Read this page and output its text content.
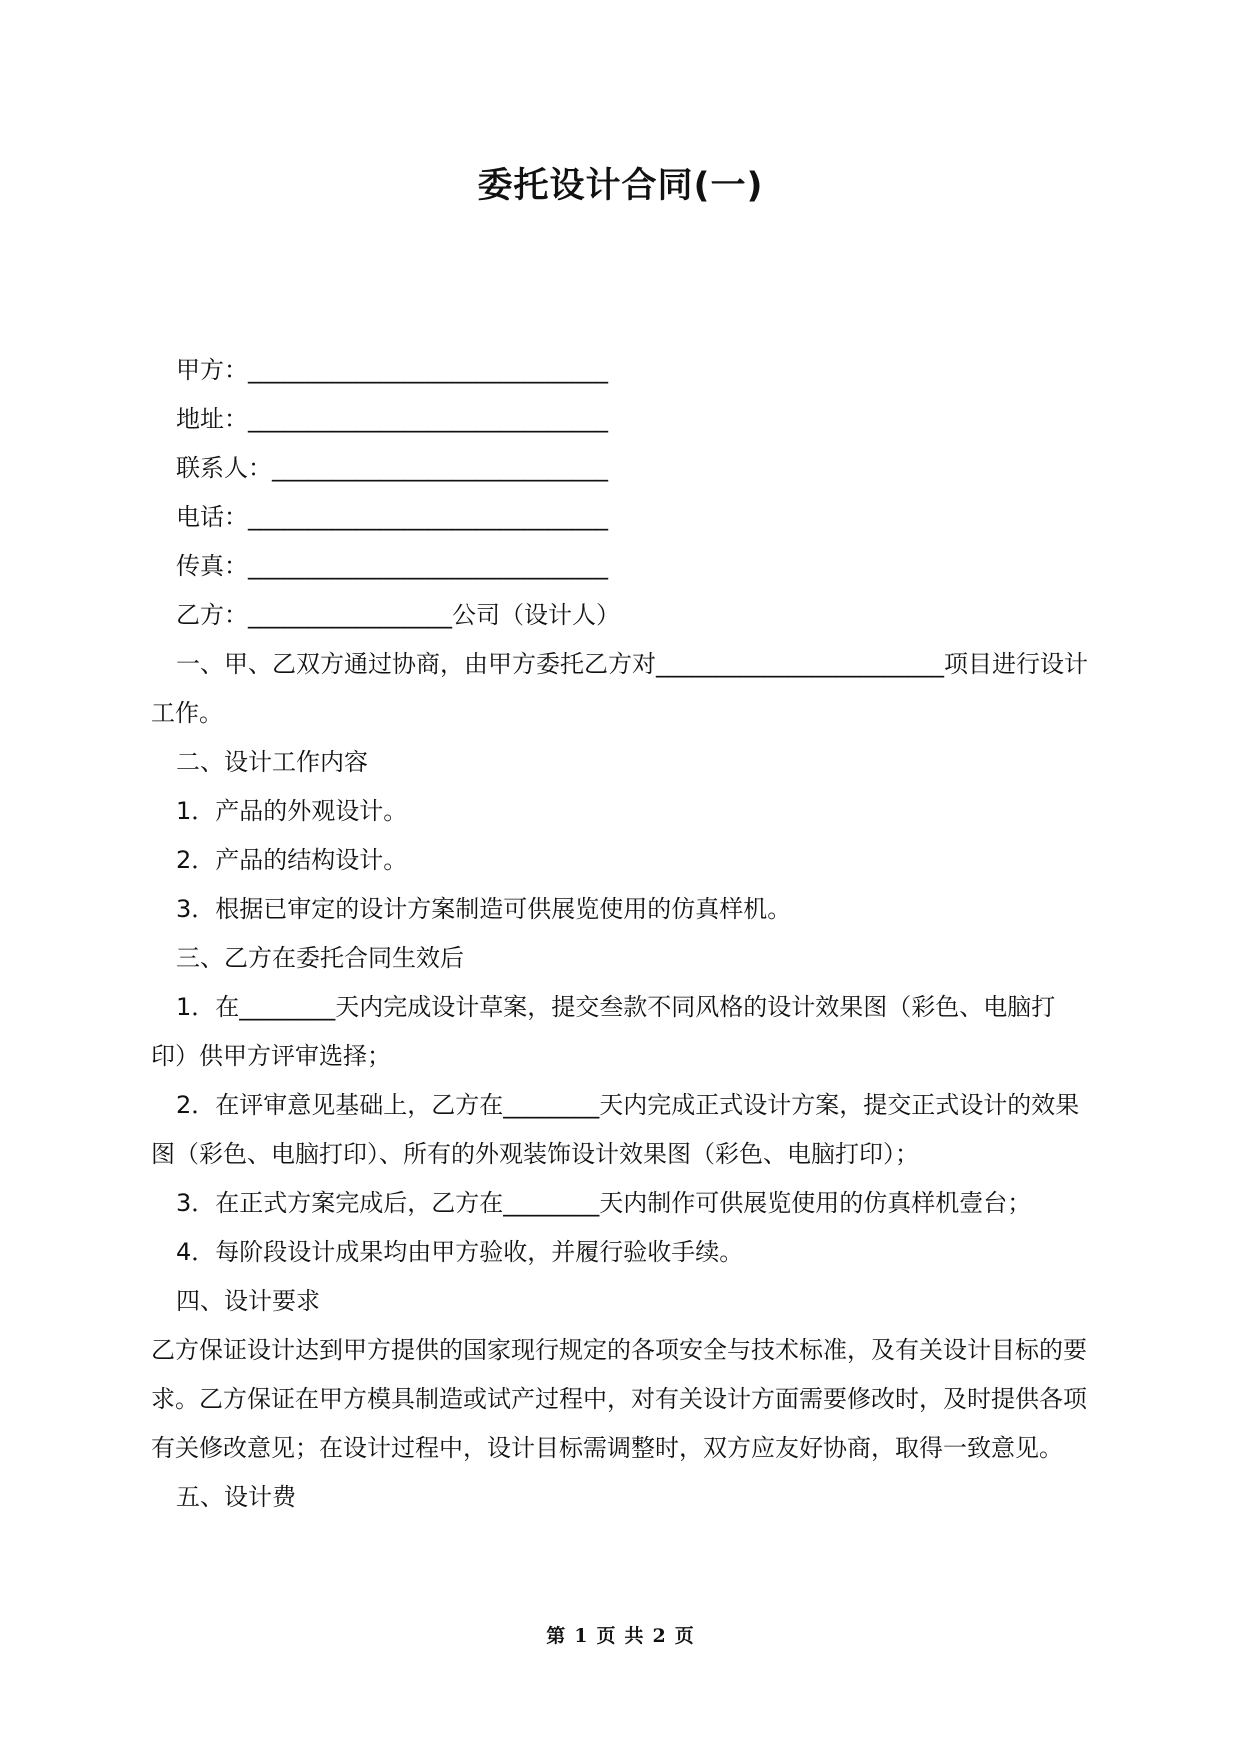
委托设计合同(一)

甲方：______________________________

地址：______________________________

联系人：____________________________

电话：______________________________

传真：______________________________

乙方：_________________公司（设计人）

一、甲、乙双方通过协商，由甲方委托乙方对________________________项目进行设计工作。

二、设计工作内容

1．产品的外观设计。

2．产品的结构设计。

3．根据已审定的设计方案制造可供展览使用的仿真样机。

三、乙方在委托合同生效后

1．在________天内完成设计草案，提交叁款不同风格的设计效果图（彩色、电脑打印）供甲方评审选择；

2．在评审意见基础上，乙方在________天内完成正式设计方案，提交正式设计的效果图（彩色、电脑打印）、所有的外观装饰设计效果图（彩色、电脑打印）；

3．在正式方案完成后，乙方在________天内制作可供展览使用的仿真样机壹台；

4．每阶段设计成果均由甲方验收，并履行验收手续。

四、设计要求

乙方保证设计达到甲方提供的国家现行规定的各项安全与技术标准，及有关设计目标的要求。乙方保证在甲方模具制造或试产过程中，对有关设计方面需要修改时，及时提供各项有关修改意见；在设计过程中，设计目标需调整时，双方应友好协商，取得一致意见。

五、设计费

第 1 页 共 2 页
